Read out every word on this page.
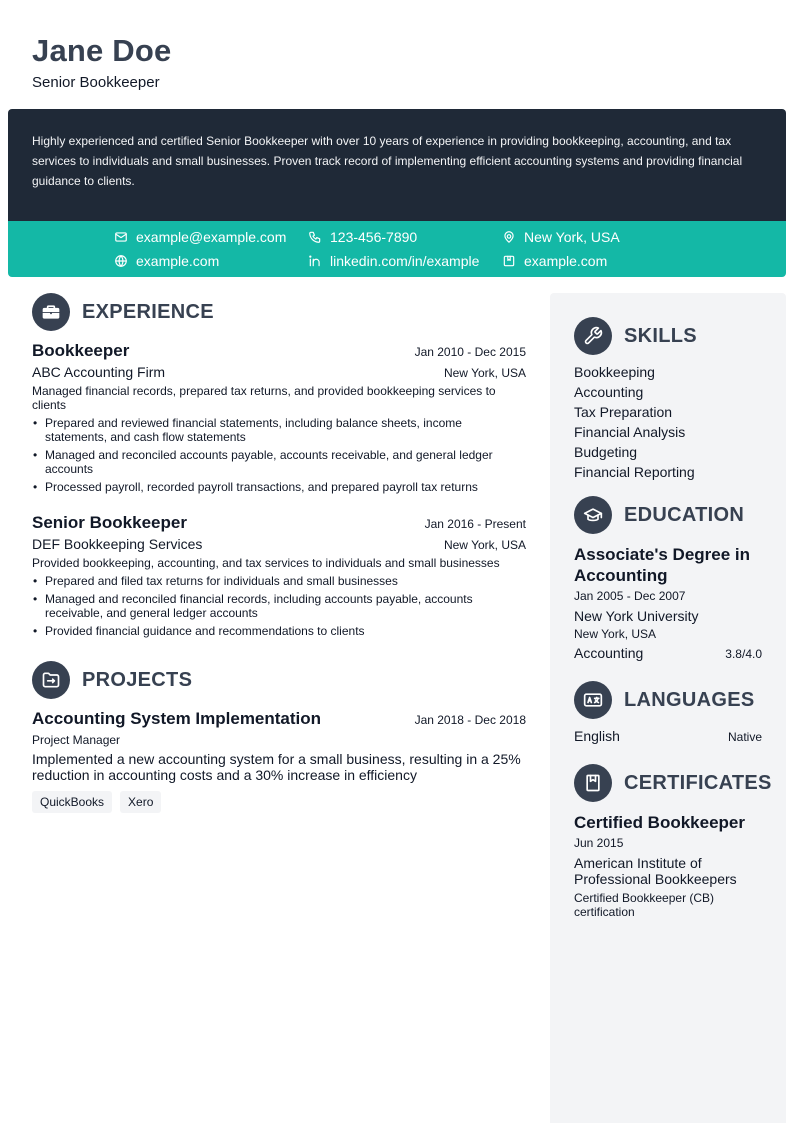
Jane Doe
Senior Bookkeeper

Highly experienced and certified Senior Bookkeeper with over 10 years of experience in providing bookkeeping, accounting, and tax services to individuals and small businesses. Proven track record of implementing efficient accounting systems and providing financial guidance to clients.

example@example.com	123-456-7890	New York, USA
example.com	linkedin.com/in/example	example.com
EXPERIENCE
Bookkeeper	Jan 2010 - Dec 2015
ABC Accounting Firm	New York, USA
Managed financial records, prepared tax returns, and provided bookkeeping services to clients
• Prepared and reviewed financial statements, including balance sheets, income statements, and cash flow statements
• Managed and reconciled accounts payable, accounts receivable, and general ledger accounts
• Processed payroll, recorded payroll transactions, and prepared payroll tax returns
Senior Bookkeeper	Jan 2016 - Present
DEF Bookkeeping Services	New York, USA
Provided bookkeeping, accounting, and tax services to individuals and small businesses
• Prepared and filed tax returns for individuals and small businesses
• Managed and reconciled financial records, including accounts payable, accounts receivable, and general ledger accounts
• Provided financial guidance and recommendations to clients
PROJECTS
Accounting System Implementation	Jan 2018 - Dec 2018
Project Manager
Implemented a new accounting system for a small business, resulting in a 25% reduction in accounting costs and a 30% increase in efficiency
QuickBooks	Xero
SKILLS
Bookkeeping
Accounting
Tax Preparation
Financial Analysis
Budgeting
Financial Reporting
EDUCATION
Associate's Degree in Accounting
Jan 2005 - Dec 2007
New York University
New York, USA
Accounting	3.8/4.0
LANGUAGES
English	Native
CERTIFICATES
Certified Bookkeeper
Jun 2015
American Institute of Professional Bookkeepers
Certified Bookkeeper (CB) certification
